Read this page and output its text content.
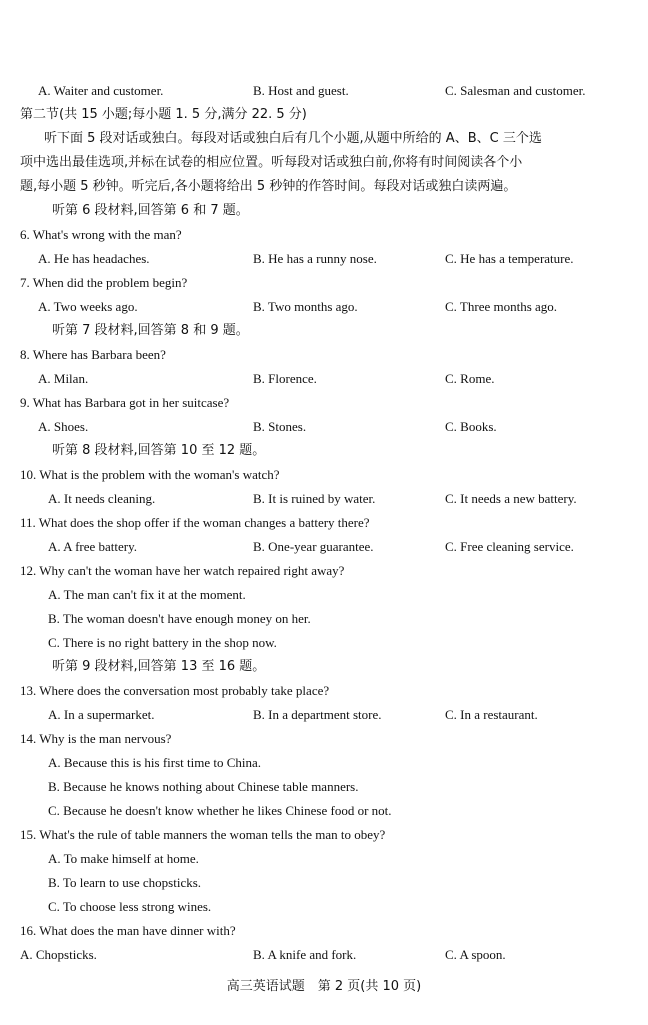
A. Waiter and customer.	B. Host and guest.	C. Salesman and customer.
第二节(共 15 小题;每小题 1. 5 分,满分 22. 5 分)
听下面 5 段对话或独白。每段对话或独白后有几个小题,从题中所给的 A、B、C 三个选
项中选出最佳选项,并标在试卷的相应位置。听每段对话或独白前,你将有时间阅读各个小
题,每小题 5 秒钟。听完后,各小题将给出 5 秒钟的作答时间。每段对话或独白读两遍。
听第 6 段材料,回答第 6 和 7 题。
6. What's wrong with the man?
A. He has headaches.	B. He has a runny nose.	C. He has a temperature.
7. When did the problem begin?
A. Two weeks ago.	B. Two months ago.	C. Three months ago.
听第 7 段材料,回答第 8 和 9 题。
8. Where has Barbara been?
A. Milan.	B. Florence.	C. Rome.
9. What has Barbara got in her suitcase?
A. Shoes.	B. Stones.	C. Books.
听第 8 段材料,回答第 10 至 12 题。
10. What is the problem with the woman's watch?
A. It needs cleaning.	B. It is ruined by water.	C. It needs a new battery.
11. What does the shop offer if the woman changes a battery there?
A. A free battery.	B. One-year guarantee.	C. Free cleaning service.
12. Why can't the woman have her watch repaired right away?
A. The man can't fix it at the moment.
B. The woman doesn't have enough money on her.
C. There is no right battery in the shop now.
听第 9 段材料,回答第 13 至 16 题。
13. Where does the conversation most probably take place?
A. In a supermarket.	B. In a department store.	C. In a restaurant.
14. Why is the man nervous?
A. Because this is his first time to China.
B. Because he knows nothing about Chinese table manners.
C. Because he doesn't know whether he likes Chinese food or not.
15. What's the rule of table manners the woman tells the man to obey?
A. To make himself at home.
B. To learn to use chopsticks.
C. To choose less strong wines.
16. What does the man have dinner with?
A. Chopsticks.	B. A knife and fork.	C. A spoon.
高三英语试题　第 2 页(共 10 页)
